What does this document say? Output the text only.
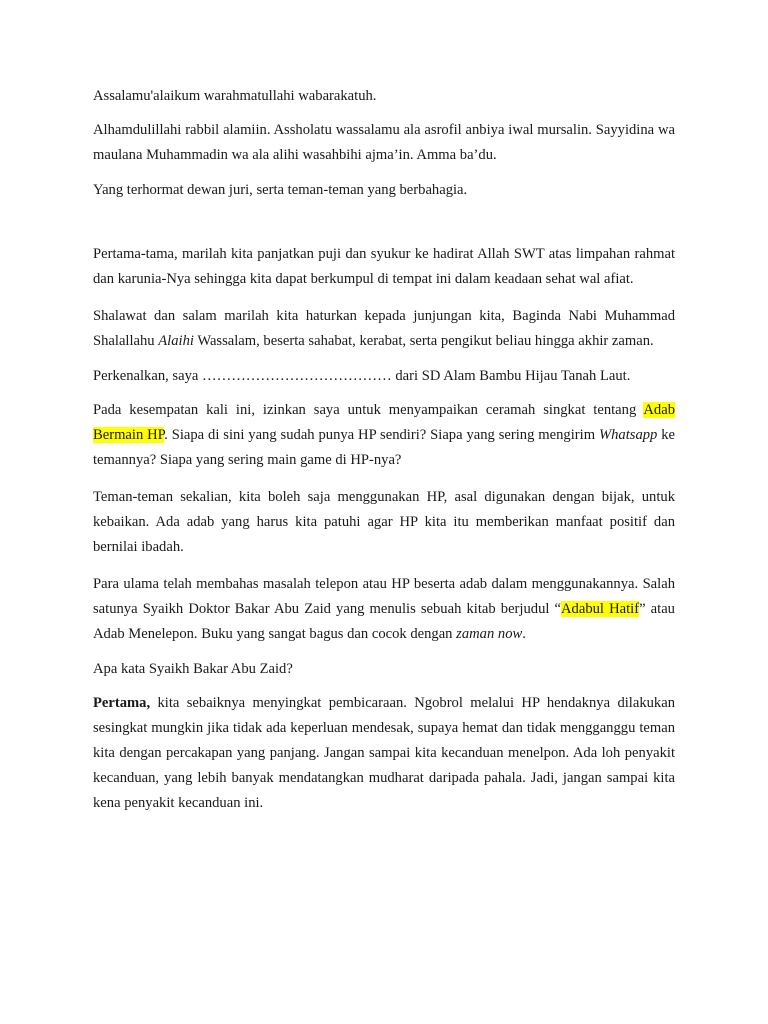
Assalamu'alaikum warahmatullahi wabarakatuh.

Alhamdulillahi rabbil alamiin. Assholatu wassalamu ala asrofil anbiya iwal mursalin. Sayyidina wa maulana Muhammadin wa ala alihi wasahbihi ajma’in. Amma ba’du.

Yang terhormat dewan juri, serta teman-teman yang berbahagia.

Pertama-tama, marilah kita panjatkan puji dan syukur ke hadirat Allah SWT atas limpahan rahmat dan karunia-Nya sehingga kita dapat berkumpul di tempat ini dalam keadaan sehat wal afiat.

Shalawat dan salam marilah kita haturkan kepada junjungan kita, Baginda Nabi Muhammad Shalallahu Alaihi Wassalam, beserta sahabat, kerabat, serta pengikut beliau hingga akhir zaman.

Perkenalkan, saya ………………………………… dari SD Alam Bambu Hijau Tanah Laut.

Pada kesempatan kali ini, izinkan saya untuk menyampaikan ceramah singkat tentang Adab Bermain HP. Siapa di sini yang sudah punya HP sendiri? Siapa yang sering mengirim Whatsapp ke temannya? Siapa yang sering main game di HP-nya?

Teman-teman sekalian, kita boleh saja menggunakan HP, asal digunakan dengan bijak, untuk kebaikan. Ada adab yang harus kita patuhi agar HP kita itu memberikan manfaat positif dan bernilai ibadah.

Para ulama telah membahas masalah telepon atau HP beserta adab dalam menggunakannya. Salah satunya Syaikh Doktor Bakar Abu Zaid yang menulis sebuah kitab berjudul “Adabul Hatif” atau Adab Menelepon. Buku yang sangat bagus dan cocok dengan zaman now.

Apa kata Syaikh Bakar Abu Zaid?

Pertama, kita sebaiknya menyingkat pembicaraan. Ngobrol melalui HP hendaknya dilakukan sesingkat mungkin jika tidak ada keperluan mendesak, supaya hemat dan tidak mengganggu teman kita dengan percakapan yang panjang. Jangan sampai kita kecanduan menelpon. Ada loh penyakit kecanduan, yang lebih banyak mendatangkan mudharat daripada pahala. Jadi, jangan sampai kita kena penyakit kecanduan ini.
